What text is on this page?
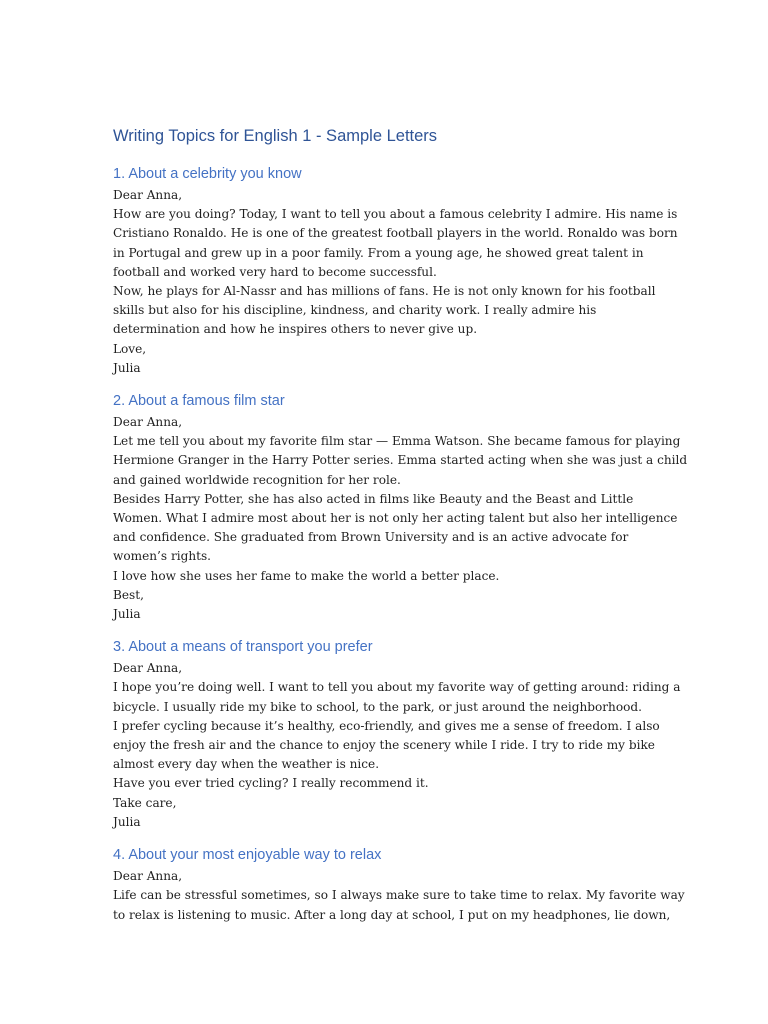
Writing Topics for English 1 - Sample Letters
1. About a celebrity you know
Dear Anna,
How are you doing? Today, I want to tell you about a famous celebrity I admire. His name is
Cristiano Ronaldo. He is one of the greatest football players in the world. Ronaldo was born
in Portugal and grew up in a poor family. From a young age, he showed great talent in
football and worked very hard to become successful.
Now, he plays for Al-Nassr and has millions of fans. He is not only known for his football
skills but also for his discipline, kindness, and charity work. I really admire his
determination and how he inspires others to never give up.
Love,
Julia
2. About a famous film star
Dear Anna,
Let me tell you about my favorite film star — Emma Watson. She became famous for playing
Hermione Granger in the Harry Potter series. Emma started acting when she was just a child
and gained worldwide recognition for her role.
Besides Harry Potter, she has also acted in films like Beauty and the Beast and Little
Women. What I admire most about her is not only her acting talent but also her intelligence
and confidence. She graduated from Brown University and is an active advocate for
women’s rights.
I love how she uses her fame to make the world a better place.
Best,
Julia
3. About a means of transport you prefer
Dear Anna,
I hope you’re doing well. I want to tell you about my favorite way of getting around: riding a
bicycle. I usually ride my bike to school, to the park, or just around the neighborhood.
I prefer cycling because it’s healthy, eco-friendly, and gives me a sense of freedom. I also
enjoy the fresh air and the chance to enjoy the scenery while I ride. I try to ride my bike
almost every day when the weather is nice.
Have you ever tried cycling? I really recommend it.
Take care,
Julia
4. About your most enjoyable way to relax
Dear Anna,
Life can be stressful sometimes, so I always make sure to take time to relax. My favorite way
to relax is listening to music. After a long day at school, I put on my headphones, lie down,
